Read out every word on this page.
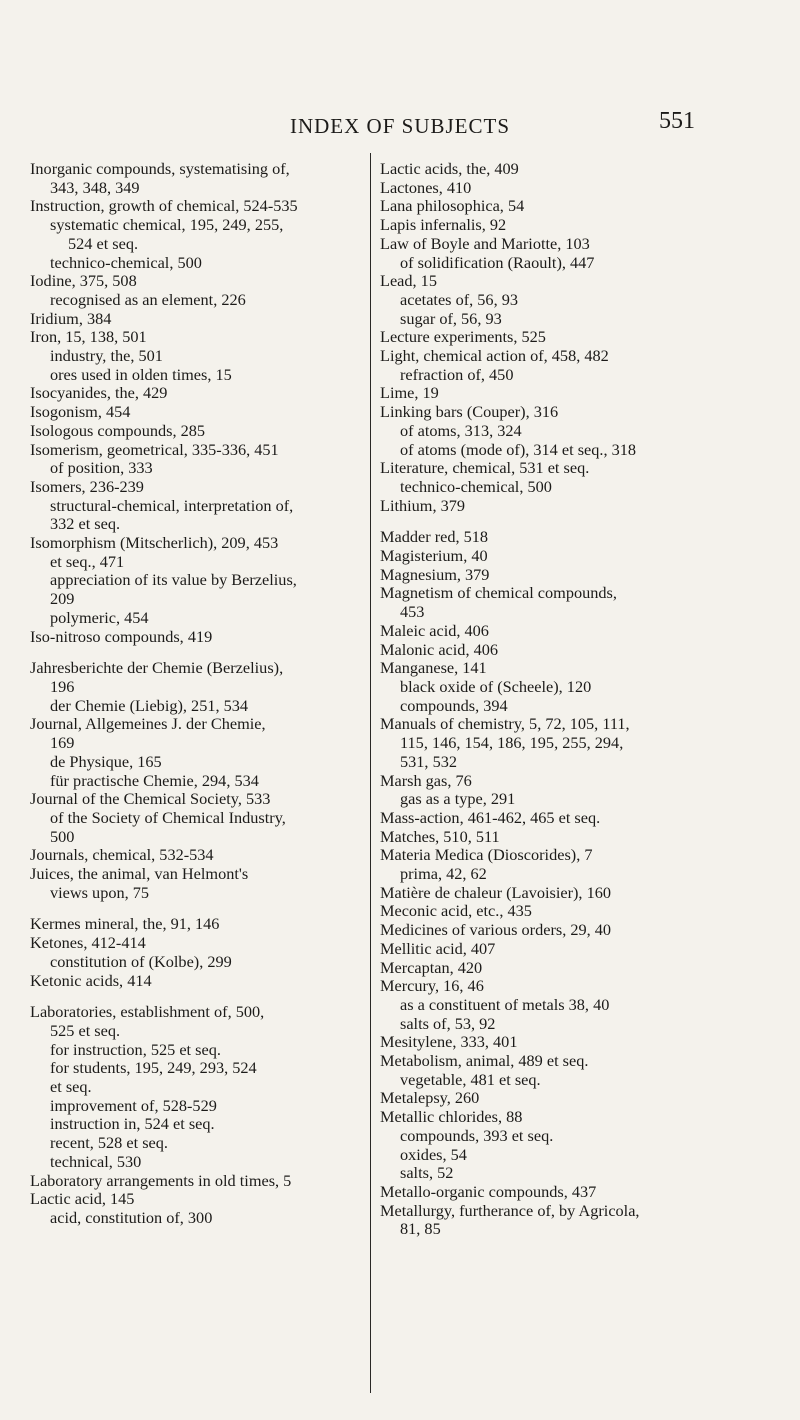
INDEX OF SUBJECTS	551
Inorganic compounds, systematising of,
343, 348, 349
Instruction, growth of chemical, 524-535
systematic chemical, 195, 249, 255,
524 et seq.
technico-chemical, 500
Iodine, 375, 508
recognised as an element, 226
Iridium, 384
Iron, 15, 138, 501
industry, the, 501
ores used in olden times, 15
Isocyanides, the, 429
Isogonism, 454
Isologous compounds, 285
Isomerism, geometrical, 335-336, 451
of position, 333
Isomers, 236-239
structural-chemical, interpretation of,
332 et seq.
Isomorphism (Mitscherlich), 209, 453
et seq., 471
appreciation of its value by Berzelius,
209
polymeric, 454
Iso-nitroso compounds, 419
Jahresberichte der Chemie (Berzelius),
196
der Chemie (Liebig), 251, 534
Journal, Allgemeines J. der Chemie,
169
de Physique, 165
für practische Chemie, 294, 534
Journal of the Chemical Society, 533
of the Society of Chemical Industry,
500
Journals, chemical, 532-534
Juices, the animal, van Helmont's
views upon, 75
Kermes mineral, the, 91, 146
Ketones, 412-414
constitution of (Kolbe), 299
Ketonic acids, 414
Laboratories, establishment of, 500,
525 et seq.
for instruction, 525 et seq.
for students, 195, 249, 293, 524
et seq.
improvement of, 528-529
instruction in, 524 et seq.
recent, 528 et seq.
technical, 530
Laboratory arrangements in old times, 5
Lactic acid, 145
acid, constitution of, 300
Lactic acids, the, 409
Lactones, 410
Lana philosophica, 54
Lapis infernalis, 92
Law of Boyle and Mariotte, 103
of solidification (Raoult), 447
Lead, 15
acetates of, 56, 93
sugar of, 56, 93
Lecture experiments, 525
Light, chemical action of, 458, 482
refraction of, 450
Lime, 19
Linking bars (Couper), 316
of atoms, 313, 324
of atoms (mode of), 314 et seq., 318
Literature, chemical, 531 et seq.
technico-chemical, 500
Lithium, 379
Madder red, 518
Magisterium, 40
Magnesium, 379
Magnetism of chemical compounds,
453
Maleic acid, 406
Malonic acid, 406
Manganese, 141
black oxide of (Scheele), 120
compounds, 394
Manuals of chemistry, 5, 72, 105, 111,
115, 146, 154, 186, 195, 255, 294,
531, 532
Marsh gas, 76
gas as a type, 291
Mass-action, 461-462, 465 et seq.
Matches, 510, 511
Materia Medica (Dioscorides), 7
prima, 42, 62
Matière de chaleur (Lavoisier), 160
Meconic acid, etc., 435
Medicines of various orders, 29, 40
Mellitic acid, 407
Mercaptan, 420
Mercury, 16, 46
as a constituent of metals 38, 40
salts of, 53, 92
Mesitylene, 333, 401
Metabolism, animal, 489 et seq.
vegetable, 481 et seq.
Metalepsy, 260
Metallic chlorides, 88
compounds, 393 et seq.
oxides, 54
salts, 52
Metallo-organic compounds, 437
Metallurgy, furtherance of, by Agricola,
81, 85
